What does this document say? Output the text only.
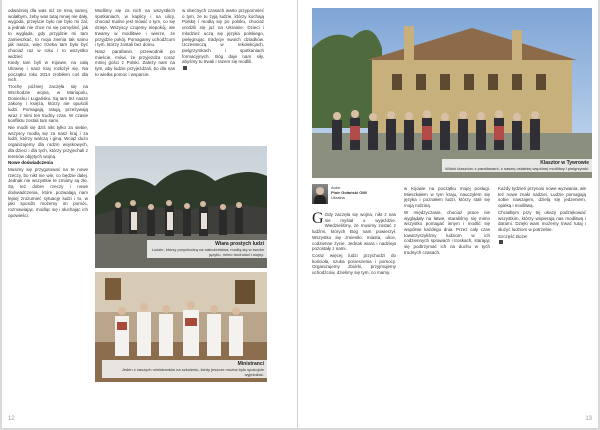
odważniej dla was niż ze mną samej, wolałbym, żeby was tutaj mniej nie dały, wygoda, przejście było nie było mi żal, a jednak nie chce mi się pomyśleć, jak to wygląda, gdy przyjdzie mi tam zamieszkać, to moja ziemia tak samo jak nasza, więc trzeba tam było być chociaż raz w roku i to wszystko widzieć

Kiedy tam byli w Kijowie, na całą Ukrainę i nasz kraj rozłożył się. Na początku roku 2014 zrobiłem coś dla nich.

Trochę później zaczęła się na Wschodzie wojna, w Mariupolu, Doniecku i Ługańsku. Są tam też nasze zakony i księża, którzy nie opuścili ludzi. Pomagają, ratują, przeżywają wraz z nimi ten trudny czas. W czasie konfliktu zostali tam sami.

Nie modli się dziś nikt tylko za siebie, wszyscy modlą się za nasz kraj i za ludzi, którzy walczą i giną. Wciąż dużo organizujemy dla rodzin wojskowych, dla dzieci i dla tych, którzy przyjechali z terenów objętych wojną.

Nowe doświadczenia

Musimy się przygotować na te nowe rzeczy, bo nikt nie wie, co będzie dalej. Jednak nie wszystkie te zmiany są złe. Są też dobre rzeczy i nowe doświadczenia, które pozwalają nam lepiej zrozumieć sytuację ludzi i to, w jaki sposób możemy im pomóc, rozmawiając, modląc się i słuchając ich opowieści.

Modlimy się za nich na wszystkich spotkaniach, w kaplicy i na ulicy, chociaż trudno jest mówić o tym, co się dzieje. Wszyscy czujemy niepokój, ale trwamy w modlitwie i wierze, że przyjdzie pokój. Pomagamy uchodźcom i tym, którzy zostali bez domu.

Nasz parafianin, przewodnik po mieście, mówi, że przyjeżdża coraz mniej gości z Polski. Zależy nam na tym, aby ludzie przyjeżdżali, bo dla nas to wielka pomoc i wsparcie.

w obecnych czasach warto przypomnieć o tym, że tu żyją ludzie, którzy kochają Polskę i modlą się po polsku, chociaż urodzili się już na Ukrainie. Dzieci i młodzież uczą się języka polskiego, pielęgnując tradycje swoich dziadków. Uczestniczą w rekolekcjach, pielgrzymkach i spotkaniach formacyjnych. Bóg daje nam siły, abyśmy tu trwali i razem się modlili.

Wiara prostych ludzi
Ludzie, którzy przychodzą na nabożeństwa, modlą się w swoim języku, mimo trudności i wojny.
Ministranci
Jeden z naszych ministrantów na szkoleniu, kiedy jeszcze można było spokojnie wyjeżdżać.
12
Klasztor w Tywrowie
Widok klasztoru z parafianami, z naszej ostatniej wspólnej modlitwy i pielgrzymki.
Autor
Piotr Gołański OMI
Ukraina

G Gdy zaczęła się wojna, nikt z nas nie myślał o wyjeździe. Wiedzieliśmy, że musimy zostać z ludźmi, których Bóg nam powierzył. Wszystko się zmieniło: miasta, ulice, codzienne życie. Jednak wiara i nadzieja pozostały z nami.

Coraz więcej ludzi przychodzi do kościoła, szuka pocieszenia i pomocy. Organizujemy zbiórki, przyjmujemy uchodźców, dzielimy się tym, co mamy.

w Kijowie na początku mojej posługi. Mieszkałem w tym kraju, nauczyłem się języka i poznałem ludzi, którzy stali się moją rodziną.

W międzyczasie, chociaż prace nie wyglądały na łatwe, staraliśmy się mimo wszystko pomagać innym i modlić się wspólnie każdego dnia. Przez cały czas towarzyszyliśmy ludziom w ich codziennych sprawach i troskach, starając się podtrzymać ich na duchu w tych trudnych czasach.

Każdy tydzień przynosi nowe wyzwania, ale też nowe znaki nadziei. Ludzie pomagają sobie nawzajem, dzielą się jedzeniem, opieką i modlitwą.

Chciałbym przy tej okazji podziękować wszystkim, którzy wspierają nas modlitwą i darami. Dzięki wam możemy trwać tutaj i służyć ludziom w potrzebie.

Szczęść Boże!

13
